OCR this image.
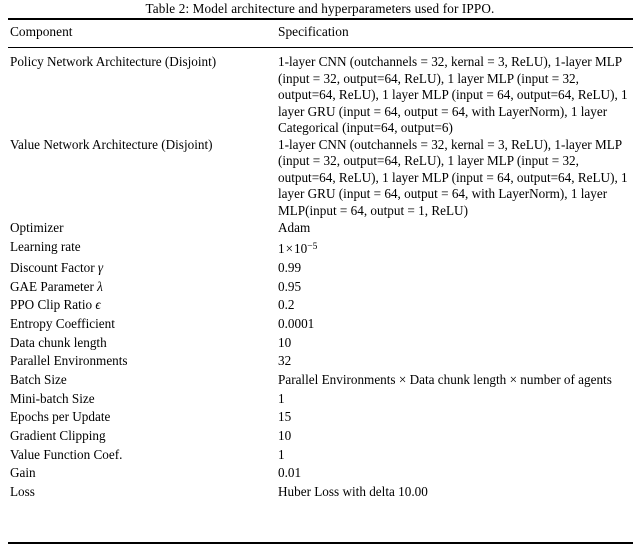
Table 2: Model architecture and hyperparameters used for IPPO.
Component	Specification

Policy Network Architecture (Disjoint)	1-layer CNN (outchannels = 32, kernal = 3, ReLU), 1-layer MLP (input = 32, output=64, ReLU), 1 layer MLP (input = 32, output=64, ReLU), 1 layer MLP (input = 64, output=64, ReLU), 1 layer GRU (input = 64, output = 64, with LayerNorm), 1 layer Categorical (input=64, output=6)
Value Network Architecture (Disjoint)	1-layer CNN (outchannels = 32, kernal = 3, ReLU), 1-layer MLP (input = 32, output=64, ReLU), 1 layer MLP (input = 32, output=64, ReLU), 1 layer MLP (input = 64, output=64, ReLU), 1 layer GRU (input = 64, output = 64, with LayerNorm), 1 layer MLP(input = 64, output = 1, ReLU)
Optimizer	Adam
Learning rate	$1\times 10^{-5}$
Discount Factor γ	0.99
GAE Parameter λ	0.95
PPO Clip Ratio ϵ	0.2
Entropy Coefficient	0.0001
Data chunk length	10
Parallel Environments	32
Batch Size	Parallel Environments × Data chunk length × number of agents
Mini-batch Size	1
Epochs per Update	15
Gradient Clipping	10
Value Function Coef.	1
Gain	0.01
Loss	Huber Loss with delta 10.00
